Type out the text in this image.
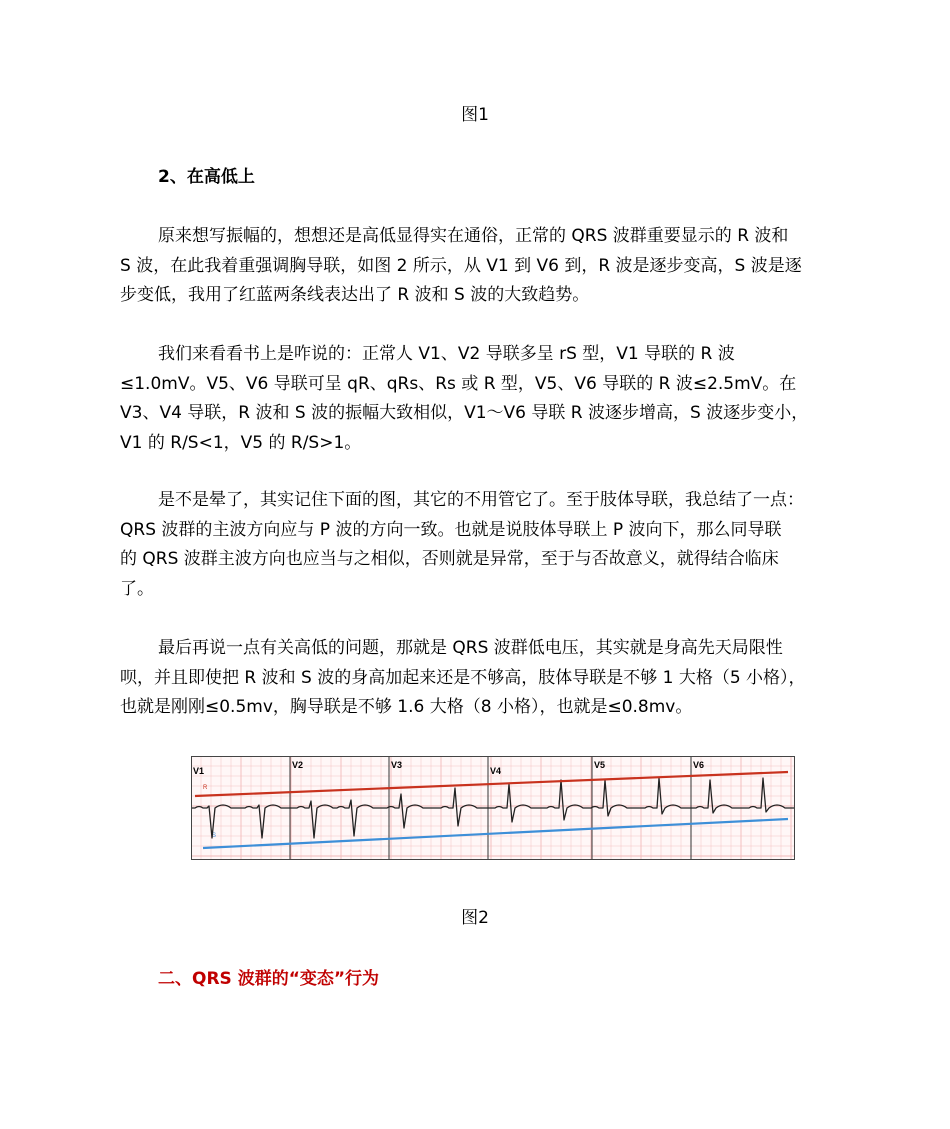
图1
2、在高低上
原来想写振幅的，想想还是高低显得实在通俗，正常的 QRS 波群重要显示的 R 波和
S 波，在此我着重强调胸导联，如图 2 所示，从 V1 到 V6 到，R 波是逐步变高，S 波是逐
步变低，我用了红蓝两条线表达出了 R 波和 S 波的大致趋势。
我们来看看书上是咋说的：正常人 V1、V2 导联多呈 rS 型，V1 导联的 R 波
≤1.0mV。V5、V6 导联可呈 qR、qRs、Rs 或 R 型，V5、V6 导联的 R 波≤2.5mV。在
V3、V4 导联，R 波和 S 波的振幅大致相似，V1～V6 导联 R 波逐步增高，S 波逐步变小，
V1 的 R/S<1，V5 的 R/S>1。
是不是晕了，其实记住下面的图，其它的不用管它了。至于肢体导联，我总结了一点：
QRS 波群的主波方向应与 P 波的方向一致。也就是说肢体导联上 P 波向下，那么同导联
的 QRS 波群主波方向也应当与之相似，否则就是异常，至于与否故意义，就得结合临床
了。
最后再说一点有关高低的问题，那就是 QRS 波群低电压，其实就是身高先天局限性
呗，并且即使把 R 波和 S 波的身高加起来还是不够高，肢体导联是不够 1 大格（5 小格），
也就是刚刚≤0.5mv，胸导联是不够 1.6 大格（8 小格），也就是≤0.8mv。
V1
V2	V3
V4
V5	V6
R
S
图2
二、QRS 波群的“变态”行为
